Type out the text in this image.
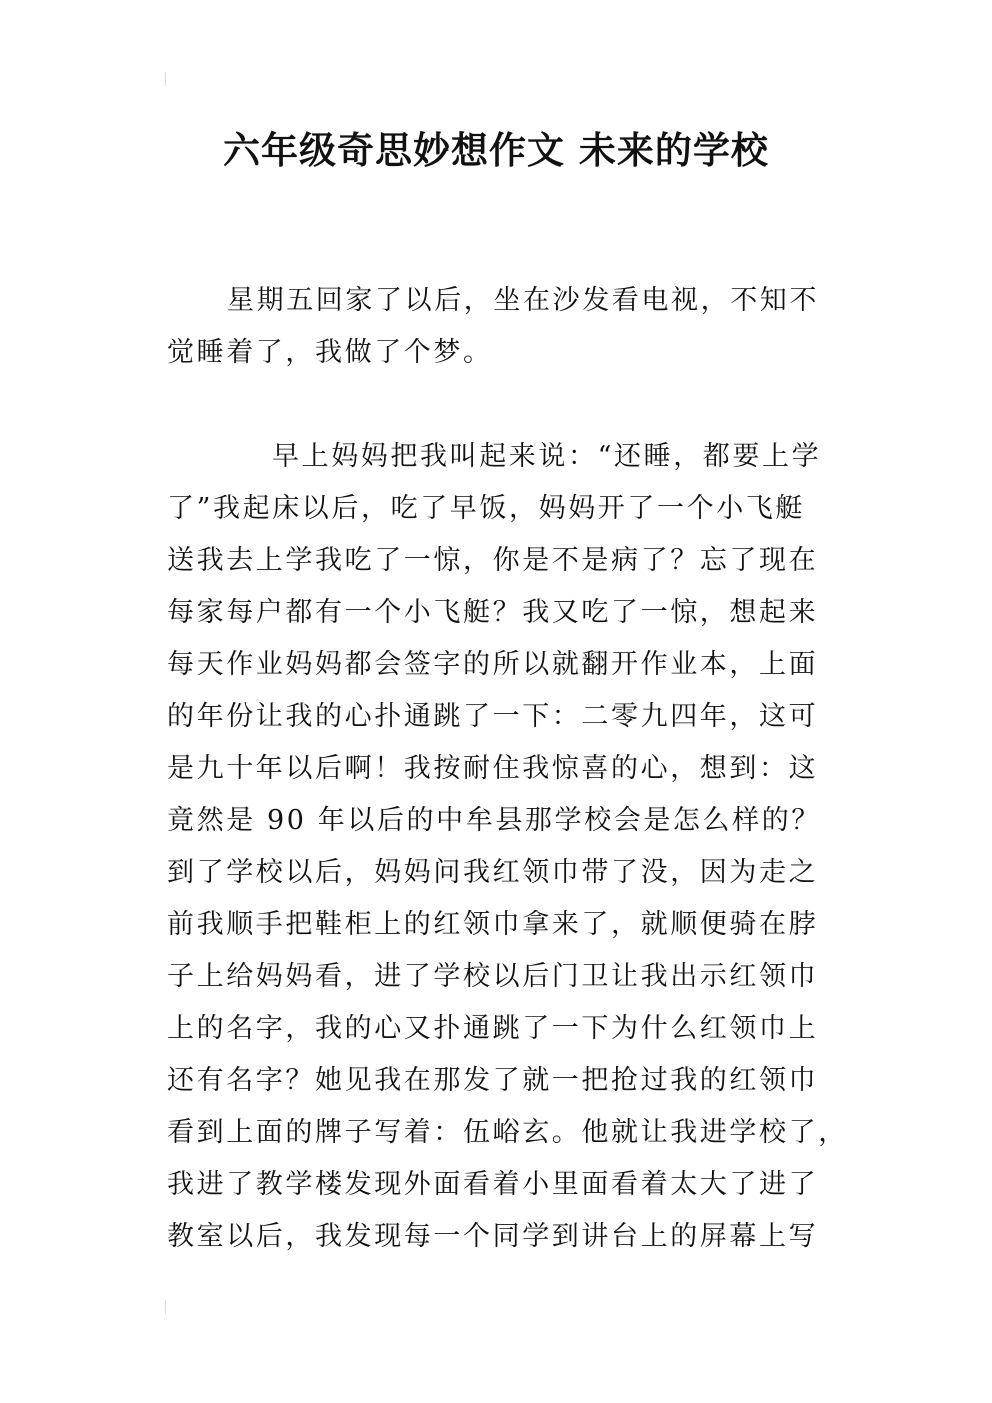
六年级奇思妙想作文 未来的学校
星期五回家了以后，坐在沙发看电视，不知不
觉睡着了，我做了个梦。
早上妈妈把我叫起来说：“还睡，都要上学
了”我起床以后，吃了早饭，妈妈开了一个小飞艇
送我去上学我吃了一惊，你是不是病了？忘了现在
每家每户都有一个小飞艇？我又吃了一惊，想起来
每天作业妈妈都会签字的所以就翻开作业本，上面
的年份让我的心扑通跳了一下：二零九四年，这可
是九十年以后啊！我按耐住我惊喜的心，想到：这
竟然是 90 年以后的中牟县那学校会是怎么样的？
到了学校以后，妈妈问我红领巾带了没，因为走之
前我顺手把鞋柜上的红领巾拿来了，就顺便骑在脖
子上给妈妈看，进了学校以后门卫让我出示红领巾
上的名字，我的心又扑通跳了一下为什么红领巾上
还有名字？她见我在那发了就一把抢过我的红领巾
看到上面的牌子写着：伍峪玄。他就让我进学校了，
我进了教学楼发现外面看着小里面看着太大了进了
教室以后，我发现每一个同学到讲台上的屏幕上写
